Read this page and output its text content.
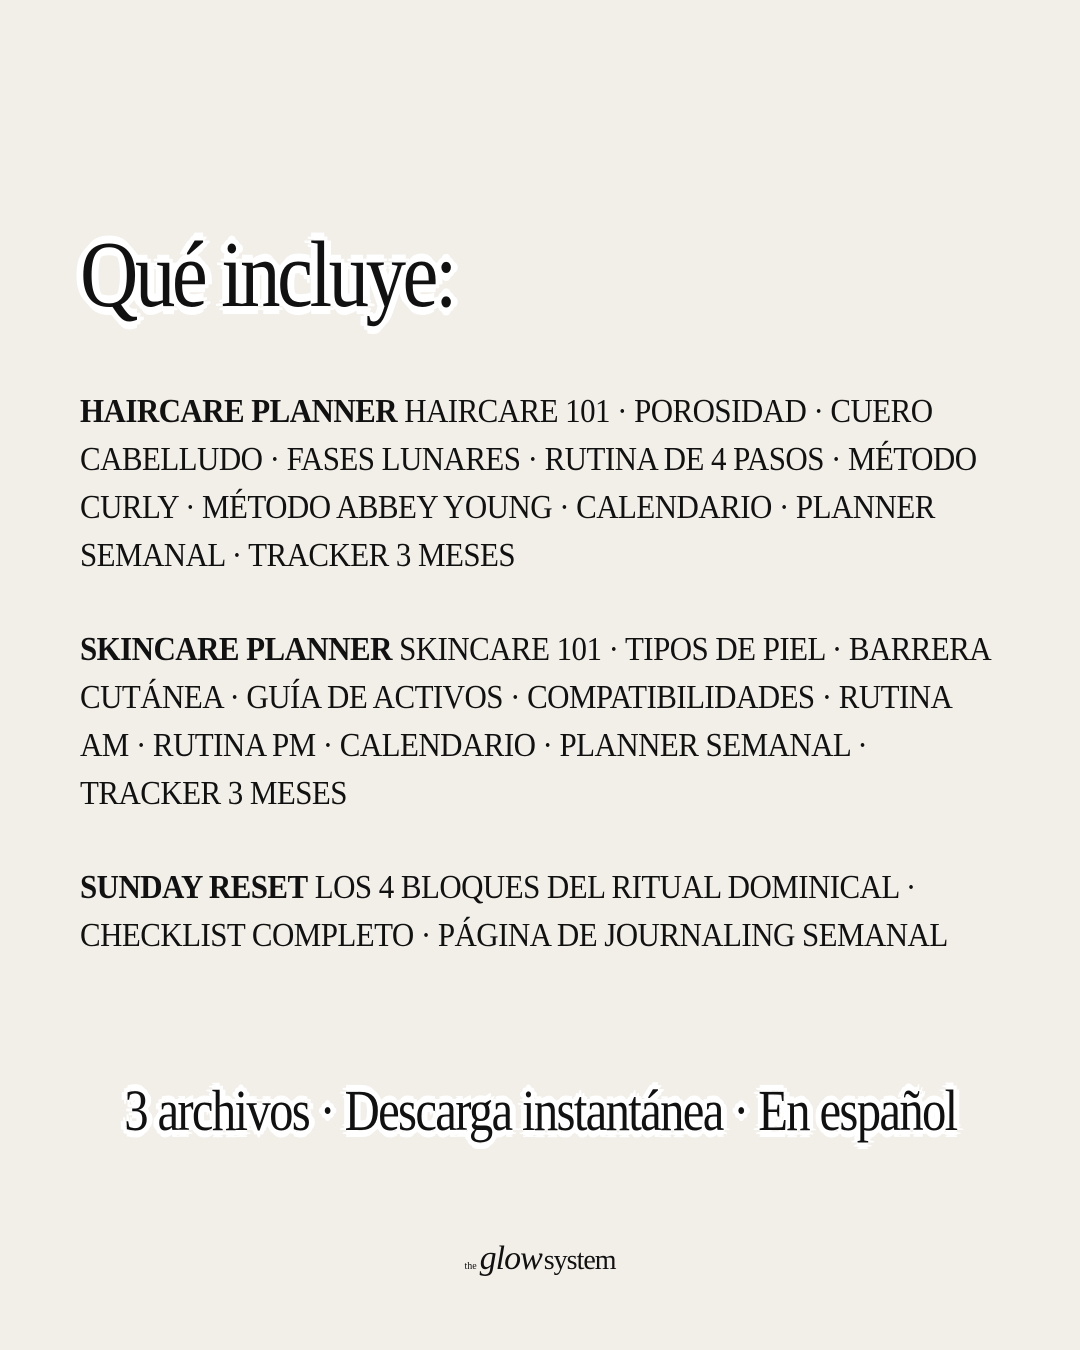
Qué incluye:

HAIRCARE PLANNER HAIRCARE 101 · POROSIDAD · CUERO CABELLUDO · FASES LUNARES · RUTINA DE 4 PASOS · MÉTODO CURLY · MÉTODO ABBEY YOUNG · CALENDARIO · PLANNER SEMANAL · TRACKER 3 MESES

SKINCARE PLANNER SKINCARE 101 · TIPOS DE PIEL · BARRERA CUTÁNEA · GUÍA DE ACTIVOS · COMPATIBILIDADES · RUTINA AM · RUTINA PM · CALENDARIO · PLANNER SEMANAL · TRACKER 3 MESES

SUNDAY RESET LOS 4 BLOQUES DEL RITUAL DOMINICAL · CHECKLIST COMPLETO · PÁGINA DE JOURNALING SEMANAL

3 archivos · Descarga instantánea · En español
theglowsystem
